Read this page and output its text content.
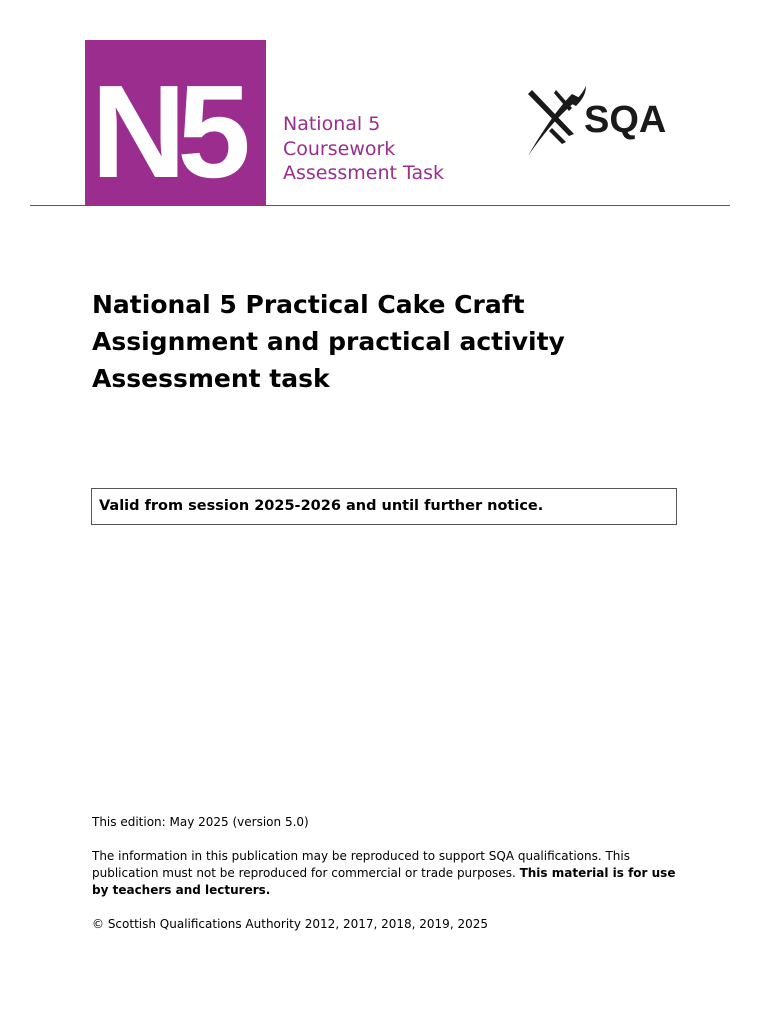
N5 National 5
Coursework
Assessment Task
SQA
National 5 Practical Cake Craft
Assignment and practical activity
Assessment task
Valid from session 2025-2026 and until further notice.
This edition: May 2025 (version 5.0)
The information in this publication may be reproduced to support SQA qualifications. This publication must not be reproduced for commercial or trade purposes. This material is for use by teachers and lecturers.
© Scottish Qualifications Authority 2012, 2017, 2018, 2019, 2025
